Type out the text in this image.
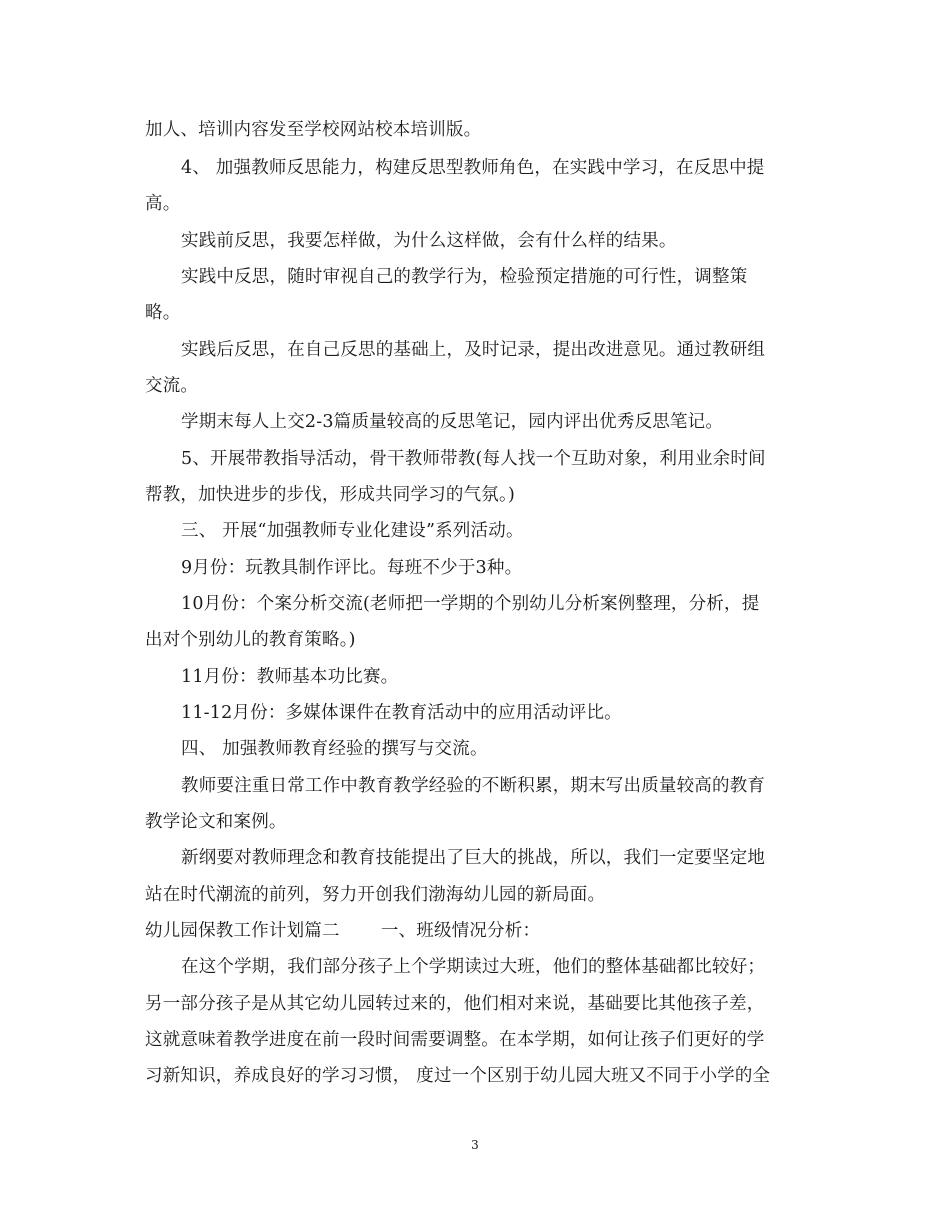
加人、培训内容发至学校网站校本培训版。
4、 加强教师反思能力，构建反思型教师角色，在实践中学习，在反思中提
高。
实践前反思，我要怎样做，为什么这样做，会有什么样的结果。
实践中反思，随时审视自己的教学行为，检验预定措施的可行性，调整策
略。
实践后反思，在自己反思的基础上，及时记录，提出改进意见。通过教研组
交流。
学期末每人上交2-3篇质量较高的反思笔记，园内评出优秀反思笔记。
5、开展带教指导活动，骨干教师带教(每人找一个互助对象，利用业余时间
帮教，加快进步的步伐，形成共同学习的气氛。)
三、 开展“加强教师专业化建设”系列活动。
9月份：玩教具制作评比。每班不少于3种。
10月份：个案分析交流(老师把一学期的个别幼儿分析案例整理，分析，提
出对个别幼儿的教育策略。)
11月份：教师基本功比赛。
11-12月份：多媒体课件在教育活动中的应用活动评比。
四、 加强教师教育经验的撰写与交流。
教师要注重日常工作中教育教学经验的不断积累，期末写出质量较高的教育
教学论文和案例。
新纲要对教师理念和教育技能提出了巨大的挑战，所以，我们一定要坚定地
站在时代潮流的前列，努力开创我们渤海幼儿园的新局面。
幼儿园保教工作计划篇二　　 一、班级情况分析：
在这个学期，我们部分孩子上个学期读过大班，他们的整体基础都比较好；
另一部分孩子是从其它幼儿园转过来的，他们相对来说，基础要比其他孩子差，
这就意味着教学进度在前一段时间需要调整。在本学期，如何让孩子们更好的学
习新知识，养成良好的学习习惯， 度过一个区别于幼儿园大班又不同于小学的全
3
